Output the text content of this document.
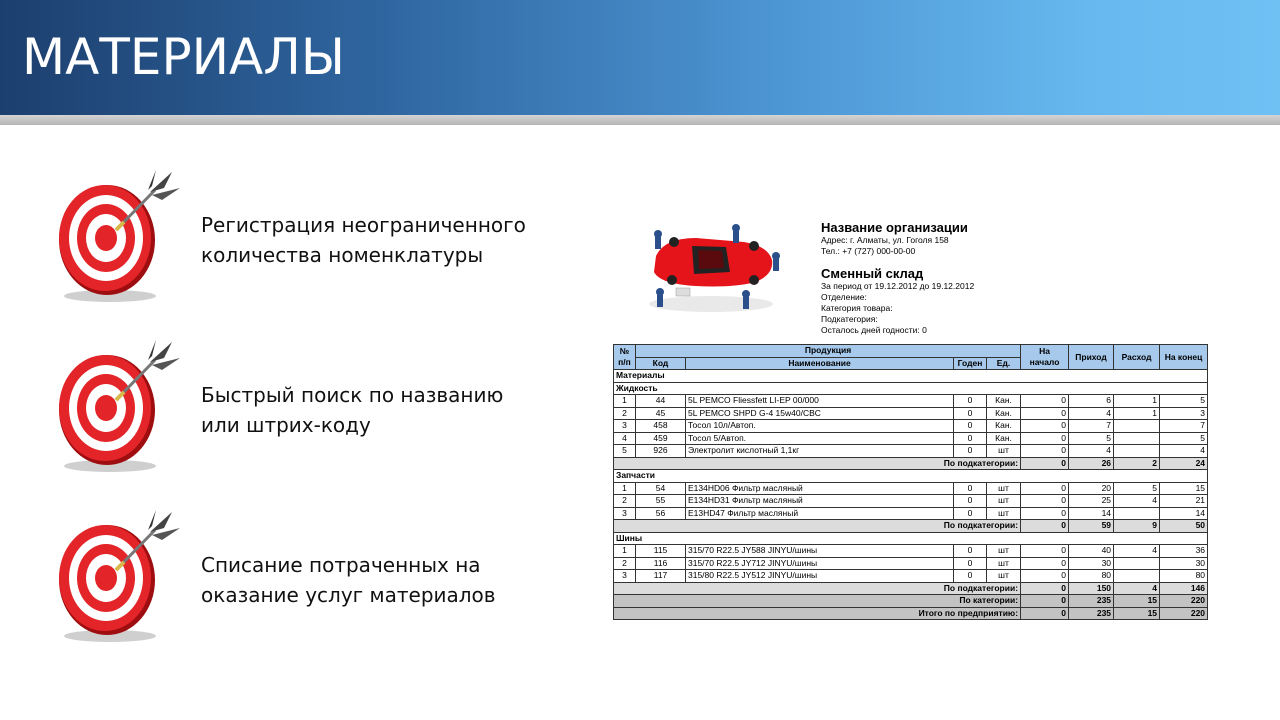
МАТЕРИАЛЫ
Регистрация неограниченного
количества номенклатуры
Быстрый поиск по названию
или штрих-коду
Списание потраченных на
оказание услуг материалов
Название организации
Адрес: г. Алматы, ул. Гоголя 158
Тел.: +7 (727) 000-00-00
Сменный склад
За период от 19.12.2012 до 19.12.2012
Отделение:
Категория товара:
Подкатегория:
Осталось дней годности: 0
№ п/п	Продукция				На начало	Приход	Расход	На конец
	Код	Наименование	Годен	Ед.				
Материалы								
Жидкость								
1	44	5L PEMCO Fliessfett LI-EP 00/000	0	Кан.	0	6	1	5
2	45	5L PEMCO SHPD G-4 15w40/CBC	0	Кан.	0	4	1	3
3	458	Тосол 10л/Автоп.	0	Кан.	0	7		7
4	459	Тосол 5/Автоп.	0	Кан.	0	5		5
5	926	Электролит кислотный 1,1кг	0	шт	0	4		4
По подкатегории:					0	26	2	24
Запчасти								
1	54	E134HD06 Фильтр масляный	0	шт	0	20	5	15
2	55	E134HD31 Фильтр масляный	0	шт	0	25	4	21
3	56	E13HD47 Фильтр масляный	0	шт	0	14		14
По подкатегории:					0	59	9	50
Шины								
1	115	315/70 R22.5 JY588 JINYU/шины	0	шт	0	40	4	36
2	116	315/70 R22.5 JY712 JINYU/шины	0	шт	0	30		30
3	117	315/80 R22.5 JY512 JINYU/шины	0	шт	0	80		80
По подкатегории:					0	150	4	146
По категории:					0	235	15	220
Итого по предприятию:					0	235	15	220
